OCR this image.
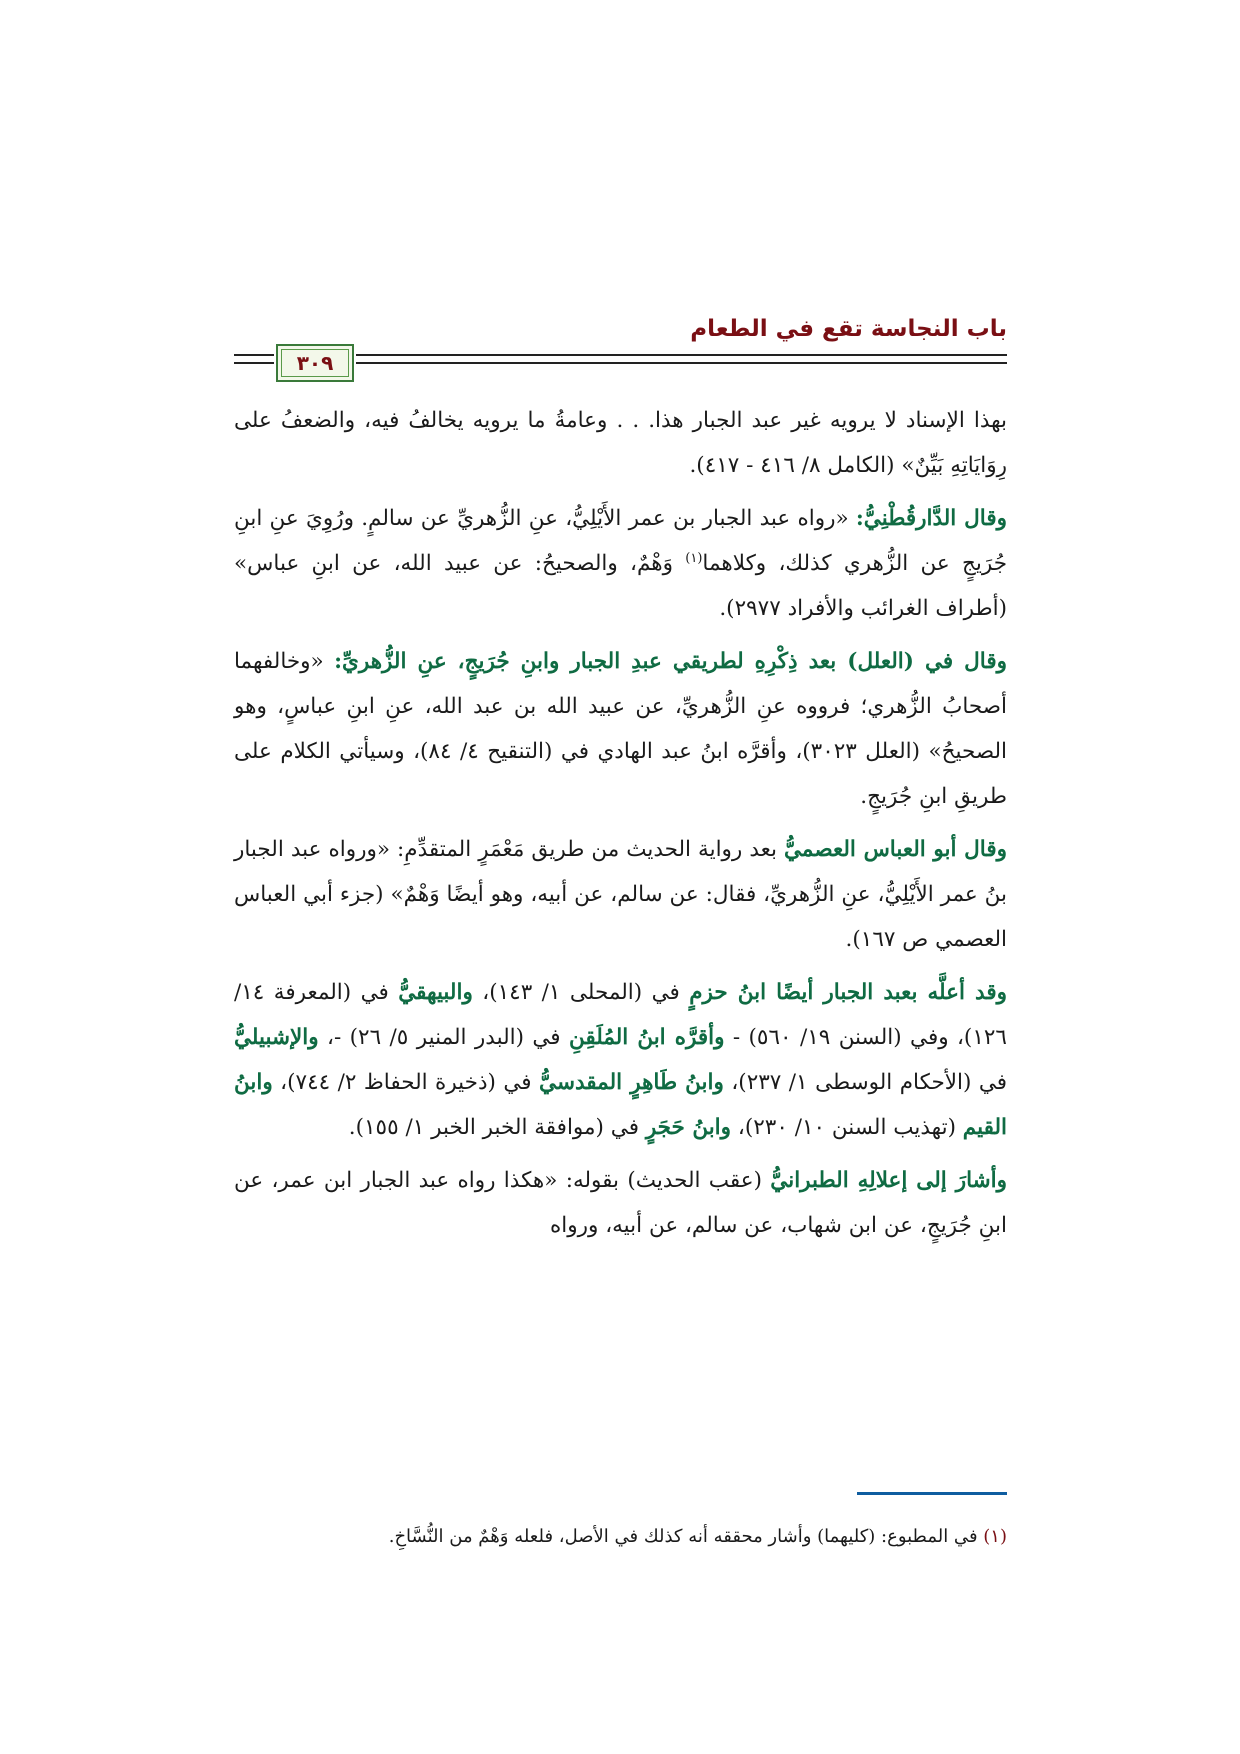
باب النجاسة تقع في الطعام
٣٠٩

بهذا الإسناد لا يرويه غير عبد الجبار هذا. . . وعامةُ ما يرويه يخالفُ فيه، والضعفُ على رِوَايَاتِهِ بَيِّنٌ» (الكامل ٨/ ٤١٦ - ٤١٧).

وقال الدَّارقُطْنِيُّ: «رواه عبد الجبار بن عمر الأَيْلِيُّ، عنِ الزُّهريِّ عن سالمٍ. ورُوِيَ عنِ ابنِ جُرَيجٍ عن الزُّهري كذلك، وكلاهما$^{(١)}$ وَهْمٌ، والصحيحُ: عن عبيد الله، عن ابنِ عباس» (أطراف الغرائب والأفراد ٢٩٧٧).

وقال في (العلل) بعد ذِكْرِهِ لطريقي عبدِ الجبار وابنِ جُرَيجٍ، عنِ الزُّهريِّ: «وخالفهما أصحابُ الزُّهري؛ فرووه عنِ الزُّهريِّ، عن عبيد الله بن عبد الله، عنِ ابنِ عباسٍ، وهو الصحيحُ» (العلل ٣٠٢٣)، وأقرَّه ابنُ عبد الهادي في (التنقيح ٤/ ٨٤)، وسيأتي الكلام على طريقِ ابنِ جُرَيجٍ.

وقال أبو العباس العصميُّ بعد رواية الحديث من طريق مَعْمَرٍ المتقدِّمِ: «ورواه عبد الجبار بنُ عمر الأَيْلِيُّ، عنِ الزُّهريِّ، فقال: عن سالم، عن أبيه، وهو أيضًا وَهْمٌ» (جزء أبي العباس العصمي ص ١٦٧).

وقد أعلَّه بعبد الجبار أيضًا ابنُ حزمٍ في (المحلى ١/ ١٤٣)، والبيهقيُّ في (المعرفة ١٤/ ١٢٦)، وفي (السنن ١٩/ ٥٦٠) - وأقرَّه ابنُ المُلَقِنِ في (البدر المنير ٥/ ٢٦) -، والإشبيليُّ في (الأحكام الوسطى ١/ ٢٣٧)، وابنُ طَاهِرٍ المقدسيُّ في (ذخيرة الحفاظ ٢/ ٧٤٤)، وابنُ القيم (تهذيب السنن ١٠/ ٢٣٠)، وابنُ حَجَرٍ في (موافقة الخبر الخبر ١/ ١٥٥).

وأشارَ إلى إعلالِهِ الطبرانيُّ (عقب الحديث) بقوله: «هكذا رواه عبد الجبار ابن عمر، عن ابنِ جُرَيجٍ، عن ابن شهاب، عن سالم، عن أبيه، ورواه

(١) في المطبوع: (كليهما) وأشار محققه أنه كذلك في الأصل، فلعله وَهْمٌ من النُّسَّاخِ.
